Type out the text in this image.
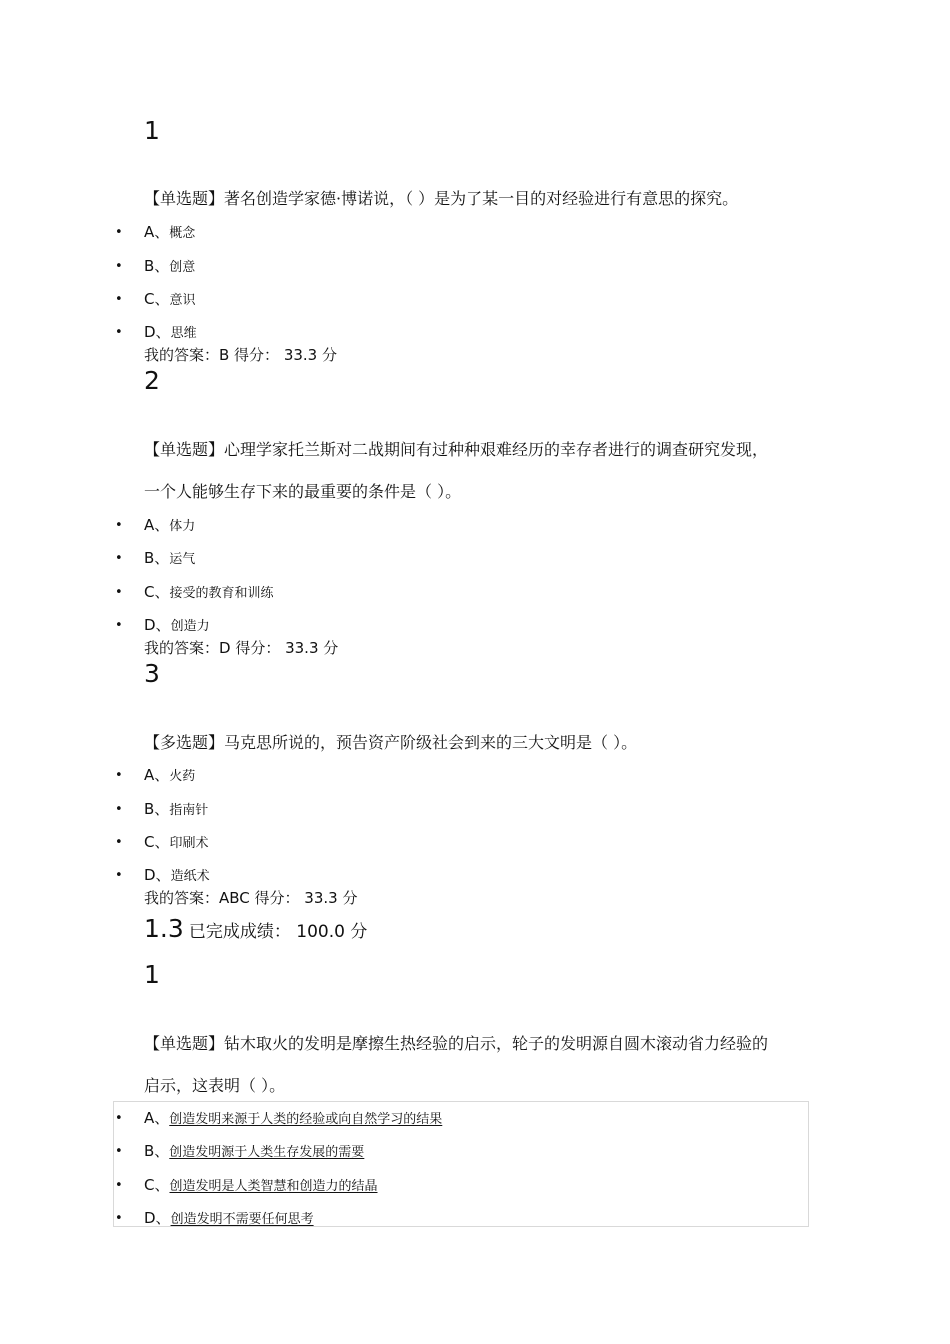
1
【单选题】著名创造学家德·博诺说，（ ）是为了某一目的对经验进行有意思的探究。
• A、概念
• B、创意
• C、意识
• D、思维
我的答案：B 得分： 33.3 分
2
【单选题】心理学家托兰斯对二战期间有过种种艰难经历的幸存者进行的调查研究发现，
一个人能够生存下来的最重要的条件是（ ）。
• A、体力
• B、运气
• C、接受的教育和训练
• D、创造力
我的答案：D 得分： 33.3 分
3
【多选题】马克思所说的，预告资产阶级社会到来的三大文明是（ ）。
• A、火药
• B、指南针
• C、印刷术
• D、造纸术
我的答案：ABC 得分： 33.3 分
1.3 已完成成绩： 100.0 分
1
【单选题】钻木取火的发明是摩擦生热经验的启示，轮子的发明源自圆木滚动省力经验的
启示，这表明（ ）。
• A、创造发明来源于人类的经验或向自然学习的结果
• B、创造发明源于人类生存发展的需要
• C、创造发明是人类智慧和创造力的结晶
• D、创造发明不需要任何思考
